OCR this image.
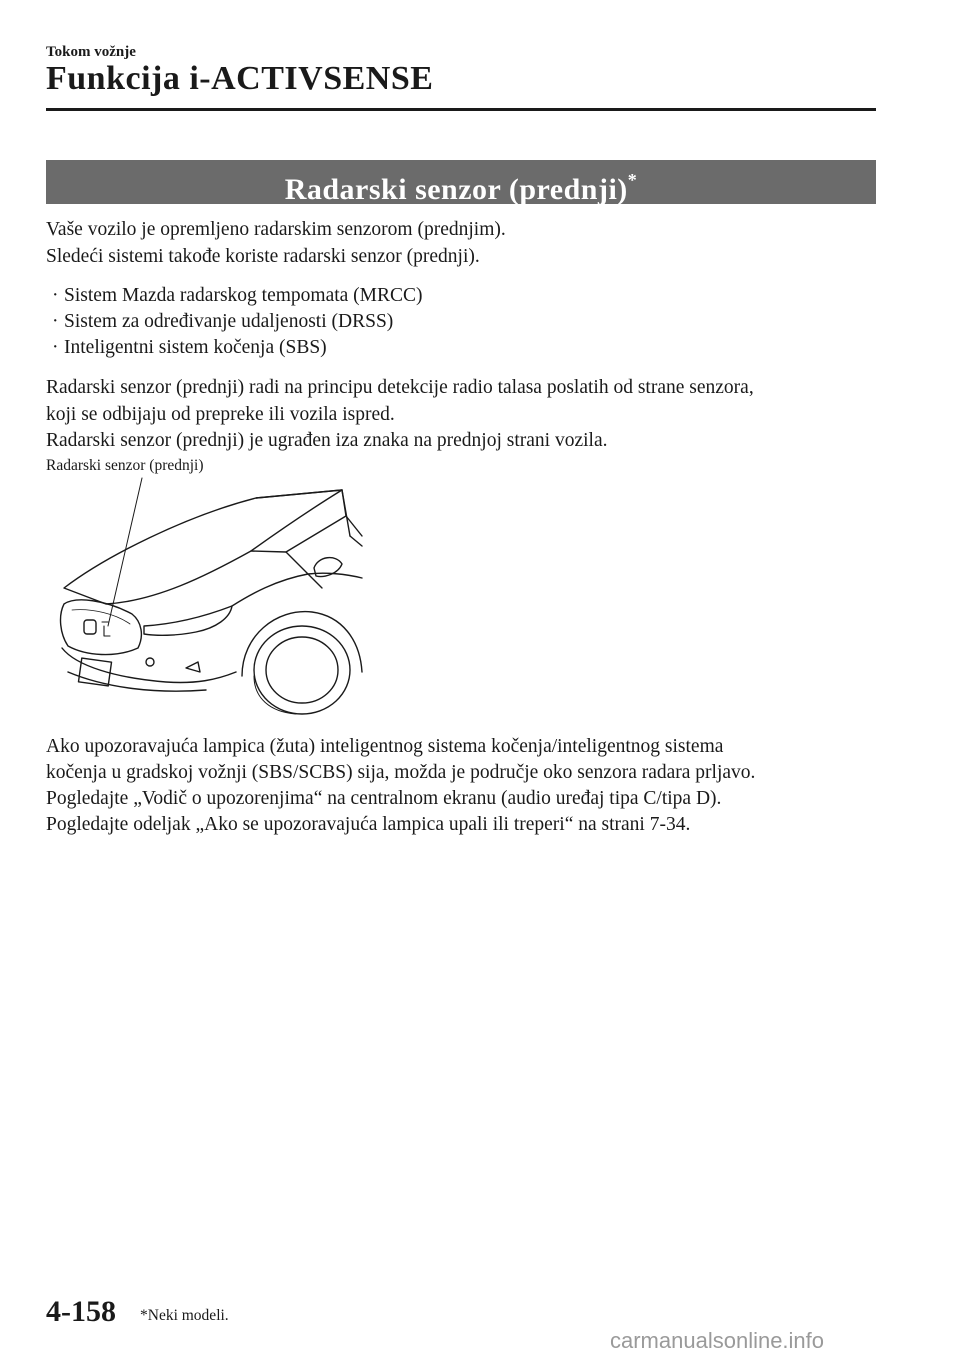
Tokom vožnje
Funkcija i-ACTIVSENSE
Radarski senzor (prednji)*
Vaše vozilo je opremljeno radarskim senzorom (prednjim).
Sledeći sistemi takođe koriste radarski senzor (prednji).
· Sistem Mazda radarskog tempomata (MRCC)
· Sistem za određivanje udaljenosti (DRSS)
· Inteligentni sistem kočenja (SBS)
Radarski senzor (prednji) radi na principu detekcije radio talasa poslatih od strane senzora,
koji se odbijaju od prepreke ili vozila ispred.
Radarski senzor (prednji) je ugrađen iza znaka na prednjoj strani vozila.
Radarski senzor (prednji)
Ako upozoravajuća lampica (žuta) inteligentnog sistema kočenja/inteligentnog sistema
kočenja u gradskoj vožnji (SBS/SCBS) sija, možda je područje oko senzora radara prljavo.
Pogledajte „Vodič o upozorenjima“ na centralnom ekranu (audio uređaj tipa C/tipa D).
Pogledajte odeljak „Ako se upozoravajuća lampica upali ili treperi“ na strani 7-34.
4-158 *Neki modeli.
carmanualsonline.info
